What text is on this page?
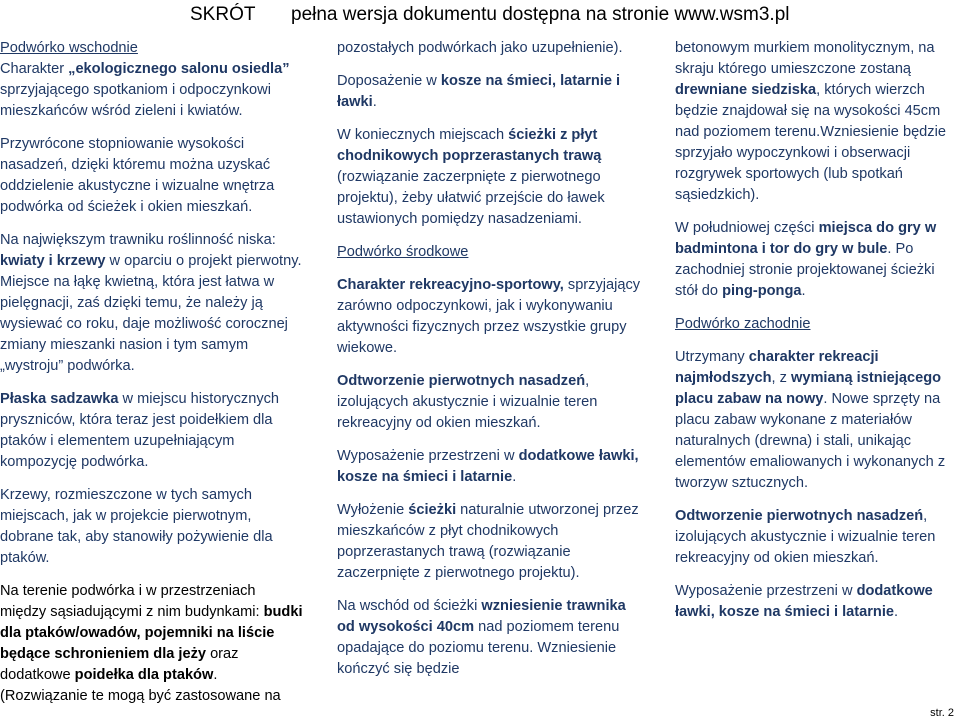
SKRÓT pełna wersja dokumentu dostępna na stronie www.wsm3.pl
Podwórko wschodnie

Charakter „ekologicznego salonu osiedla” sprzyjającego spotkaniom i odpoczynkowi mieszkańców wśród zieleni i kwiatów.

Przywrócone stopniowanie wysokości nasadzeń, dzięki któremu można uzyskać oddzielenie akustyczne i wizualne wnętrza podwórka od ścieżek i okien mieszkań.

Na największym trawniku roślinność niska: kwiaty i krzewy w oparciu o projekt pierwotny. Miejsce na łąkę kwietną, która jest łatwa w pielęgnacji, zaś dzięki temu, że należy ją wysiewać co roku, daje możliwość corocznej zmiany mieszanki nasion i tym samym „wystroju” podwórka.

Płaska sadzawka w miejscu historycznych pryszniców, która teraz jest poidełkiem dla ptaków i elementem uzupełniającym kompozycję podwórka.

Krzewy, rozmieszczone w tych samych miejscach, jak w projekcie pierwotnym, dobrane tak, aby stanowiły pożywienie dla ptaków.

Na terenie podwórka i w przestrzeniach między sąsiadującymi z nim budynkami: budki dla ptaków/owadów, pojemniki na liście będące schronieniem dla jeży oraz dodatkowe poidełka dla ptaków. (Rozwiązanie te mogą być zastosowane na

pozostałych podwórkach jako uzupełnienie).

Doposażenie w kosze na śmieci, latarnie i ławki.

W koniecznych miejscach ścieżki z płyt chodnikowych poprzerastanych trawą (rozwiązanie zaczerpnięte z pierwotnego projektu), żeby ułatwić przejście do ławek ustawionych pomiędzy nasadzeniami.

Podwórko środkowe

Charakter rekreacyjno-sportowy, sprzyjający zarówno odpoczynkowi, jak i wykonywaniu aktywności fizycznych przez wszystkie grupy wiekowe.

Odtworzenie pierwotnych nasadzeń, izolujących akustycznie i wizualnie teren rekreacyjny od okien mieszkań.

Wyposażenie przestrzeni w dodatkowe ławki, kosze na śmieci i latarnie.

Wyłożenie ścieżki naturalnie utworzonej przez mieszkańców z płyt chodnikowych poprzerastanych trawą (rozwiązanie zaczerpnięte z pierwotnego projektu).

Na wschód od ścieżki wzniesienie trawnika od wysokości 40cm nad poziomem terenu opadające do poziomu terenu. Wzniesienie kończyć się będzie

betonowym murkiem monolitycznym, na skraju którego umieszczone zostaną drewniane siedziska, których wierzch będzie znajdował się na wysokości 45cm nad poziomem terenu.Wzniesienie będzie sprzyjało wypoczynkowi i obserwacji rozgrywek sportowych (lub spotkań sąsiedzkich).

W południowej części miejsca do gry w badmintona i tor do gry w bule. Po zachodniej stronie projektowanej ścieżki stół do ping-ponga.

Podwórko zachodnie

Utrzymany charakter rekreacji najmłodszych, z wymianą istniejącego placu zabaw na nowy. Nowe sprzęty na placu zabaw wykonane z materiałów naturalnych (drewna) i stali, unikając elementów emaliowanych i wykonanych z tworzyw sztucznych.

Odtworzenie pierwotnych nasadzeń, izolujących akustycznie i wizualnie teren rekreacyjny od okien mieszkań.

Wyposażenie przestrzeni w dodatkowe ławki, kosze na śmieci i latarnie.

str. 2
